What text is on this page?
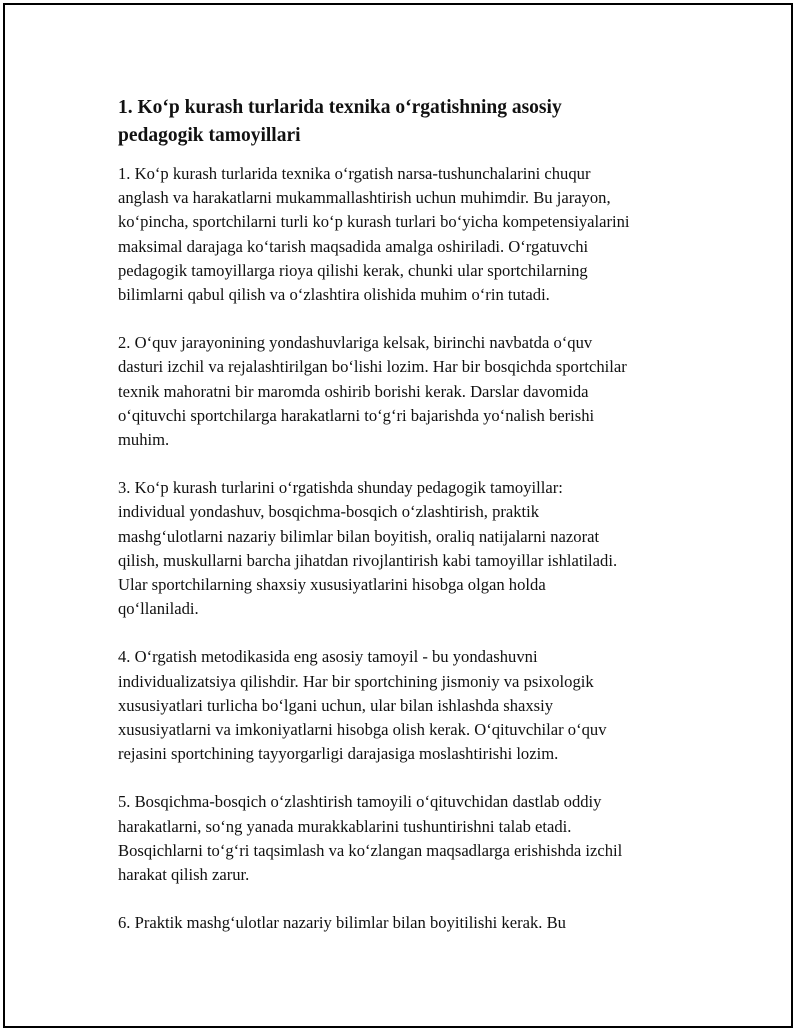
1. Ko‘p kurash turlarida texnika o‘rgatishning asosiy
pedagogik tamoyillari
1. Ko‘p kurash turlarida texnika o‘rgatish narsa-tushunchalarini chuqur
anglash va harakatlarni mukammallashtirish uchun muhimdir. Bu jarayon,
ko‘pincha, sportchilarni turli ko‘p kurash turlari bo‘yicha kompetensiyalarini
maksimal darajaga ko‘tarish maqsadida amalga oshiriladi. O‘rgatuvchi
pedagogik tamoyillarga rioya qilishi kerak, chunki ular sportchilarning
bilimlarni qabul qilish va o‘zlashtira olishida muhim o‘rin tutadi.
2. O‘quv jarayonining yondashuvlariga kelsak, birinchi navbatda o‘quv
dasturi izchil va rejalashtirilgan bo‘lishi lozim. Har bir bosqichda sportchilar
texnik mahoratni bir maromda oshirib borishi kerak. Darslar davomida
o‘qituvchi sportchilarga harakatlarni to‘g‘ri bajarishda yo‘nalish berishi
muhim.
3. Ko‘p kurash turlarini o‘rgatishda shunday pedagogik tamoyillar:
individual yondashuv, bosqichma-bosqich o‘zlashtirish, praktik
mashg‘ulotlarni nazariy bilimlar bilan boyitish, oraliq natijalarni nazorat
qilish, muskullarni barcha jihatdan rivojlantirish kabi tamoyillar ishlatiladi.
Ular sportchilarning shaxsiy xususiyatlarini hisobga olgan holda
qo‘llaniladi.
4. O‘rgatish metodikasida eng asosiy tamoyil - bu yondashuvni
individualizatsiya qilishdir. Har bir sportchining jismoniy va psixologik
xususiyatlari turlicha bo‘lgani uchun, ular bilan ishlashda shaxsiy
xususiyatlarni va imkoniyatlarni hisobga olish kerak. O‘qituvchilar o‘quv
rejasini sportchining tayyorgarligi darajasiga moslashtirishi lozim.
5. Bosqichma-bosqich o‘zlashtirish tamoyili o‘qituvchidan dastlab oddiy
harakatlarni, so‘ng yanada murakkablarini tushuntirishni talab etadi.
Bosqichlarni to‘g‘ri taqsimlash va ko‘zlangan maqsadlarga erishishda izchil
harakat qilish zarur.
6. Praktik mashg‘ulotlar nazariy bilimlar bilan boyitilishi kerak. Bu
